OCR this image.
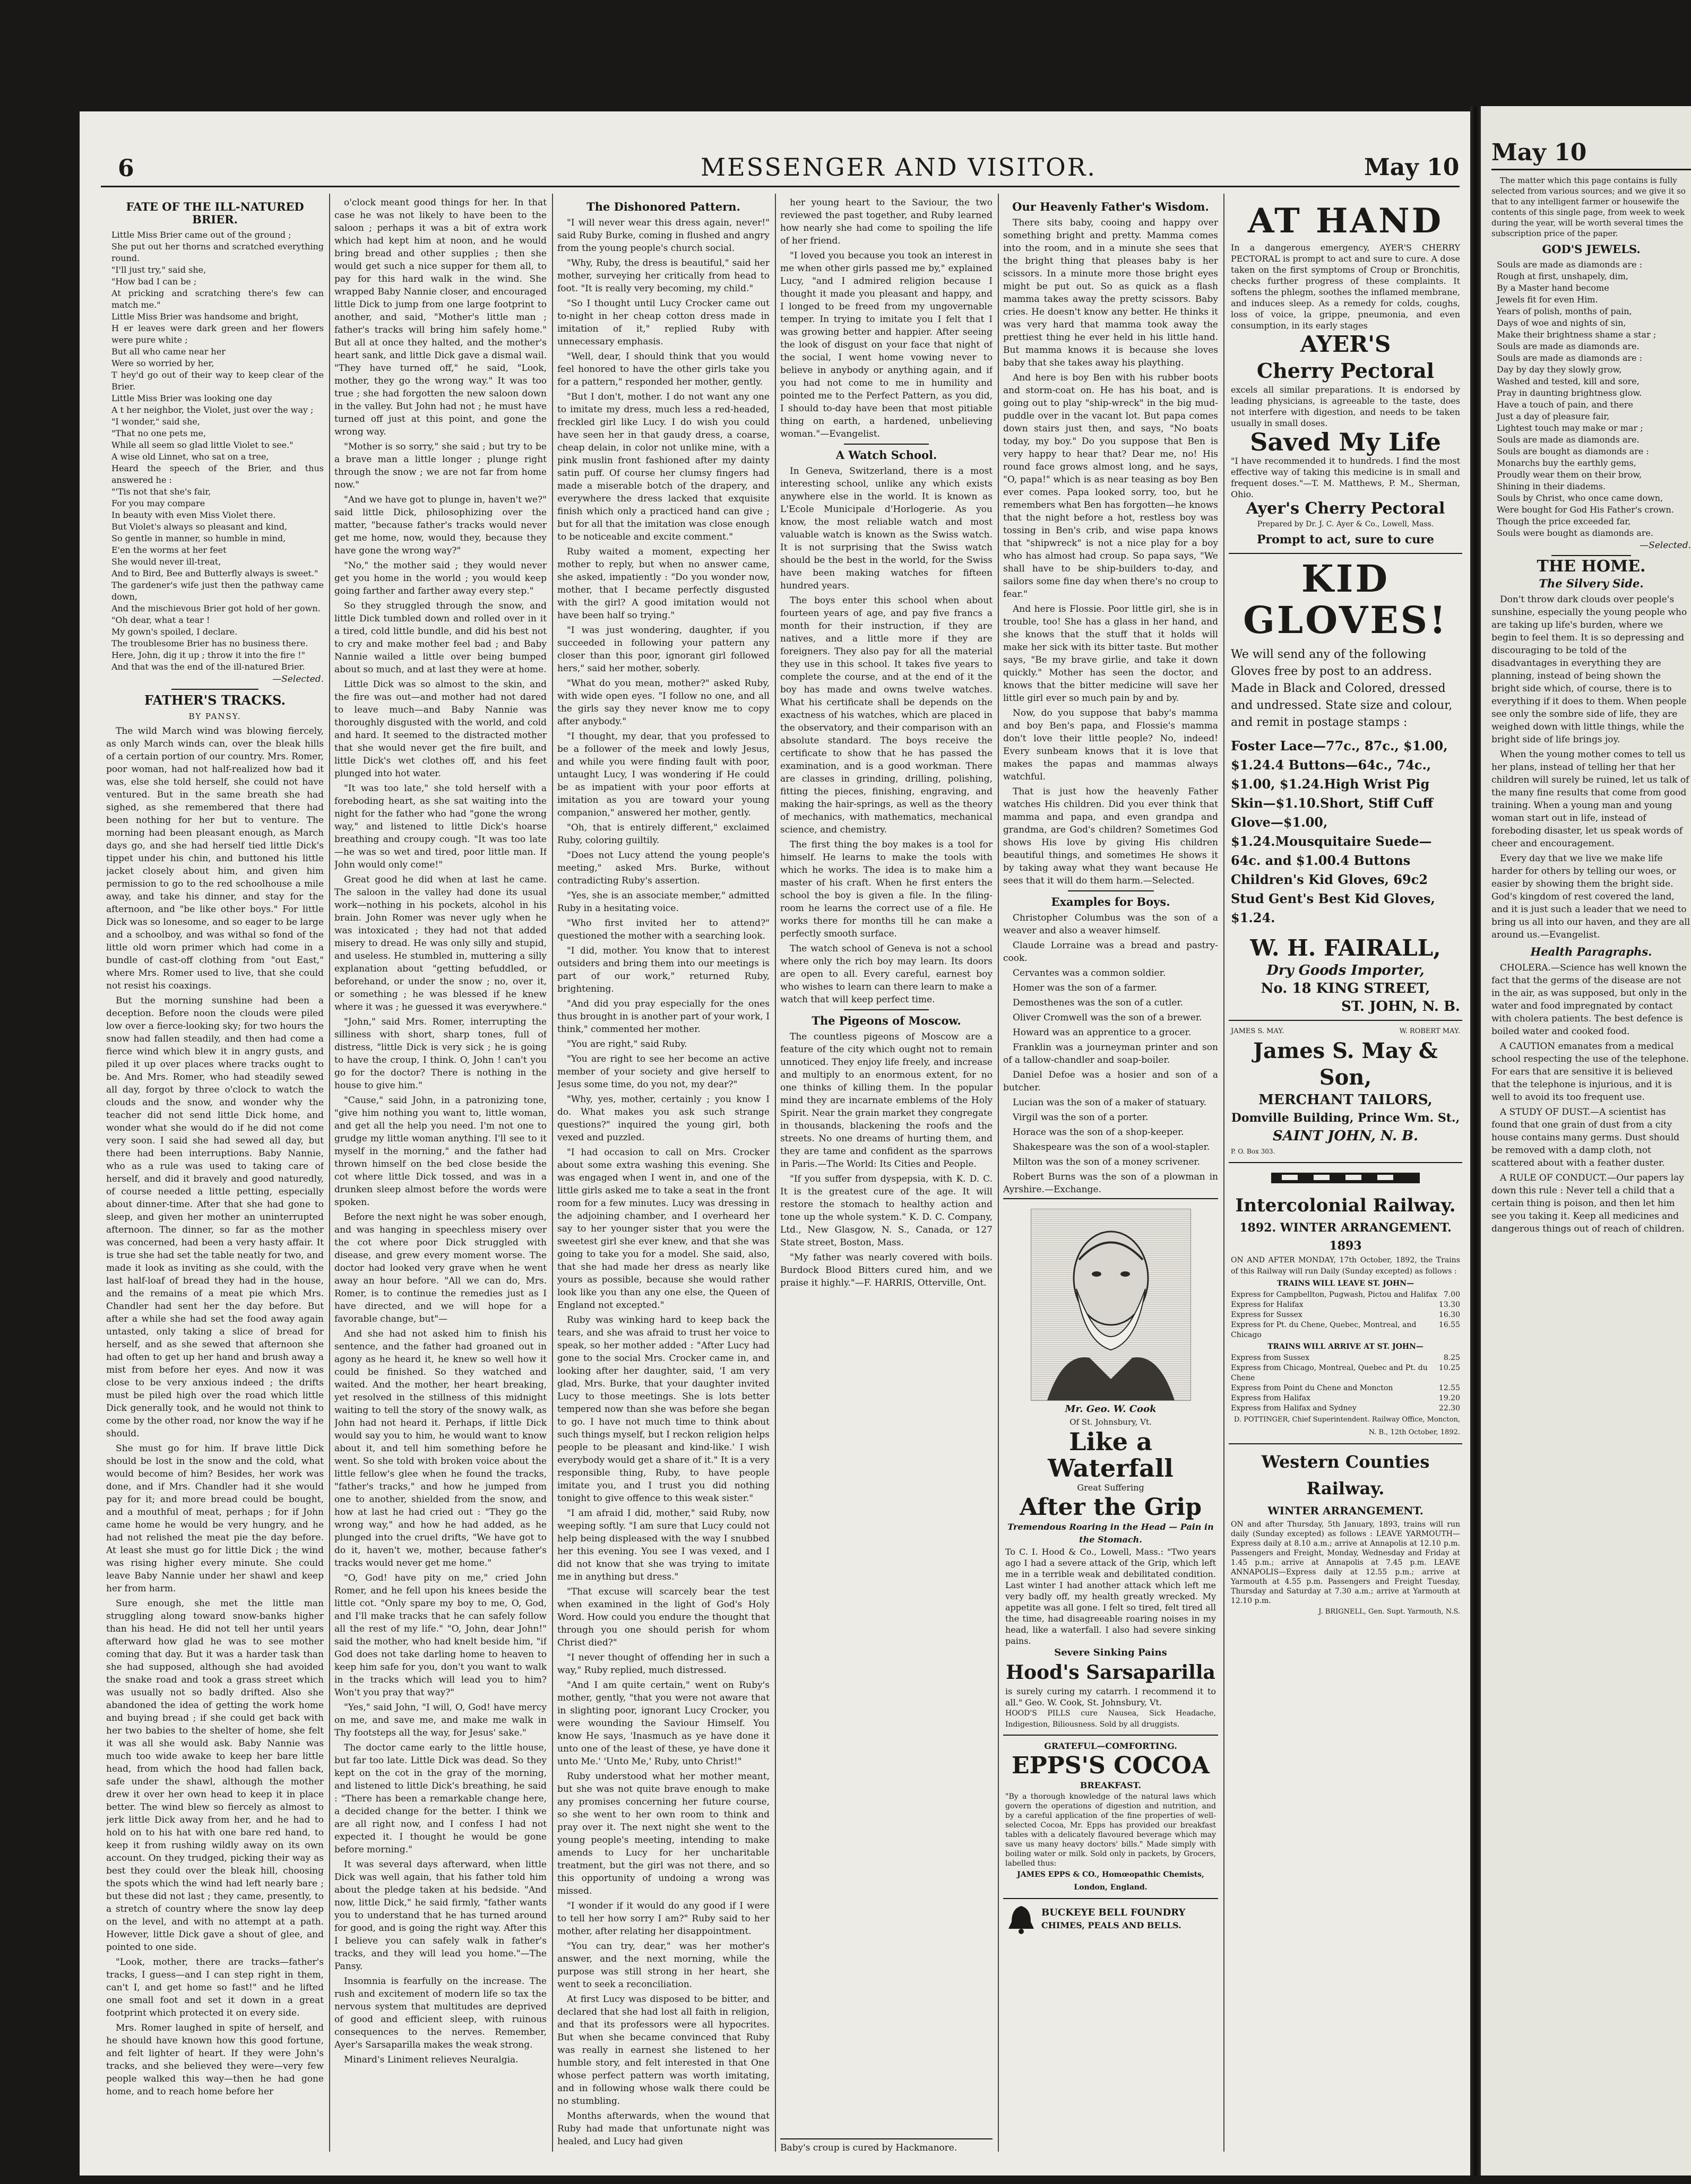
6	MESSENGER AND VISITOR.	May 10
FATE OF THE ILL-NATURED BRIER.
Little Miss Brier came out of the ground ;
She put out her thorns and scratched everything round.
"I'll just try," said she,
"How bad I can be ;
At pricking and scratching there's few can match me."
Little Miss Brier was handsome and bright,
H er leaves were dark green and her flowers were pure white ;
But all who came near her
Were so worried by her,
T hey'd go out of their way to keep clear of the Brier.
Little Miss Brier was looking one day
A t her neighbor, the Violet, just over the way ;
"I wonder," said she,
"That no one pets me,
While all seem so glad little Violet to see."
A wise old Linnet, who sat on a tree,
Heard the speech of the Brier, and thus answered he :
"'Tis not that she's fair,
For you may compare
In beauty with even Miss Violet there.
But Violet's always so pleasant and kind,
So gentle in manner, so humble in mind,
E'en the worms at her feet
She would never ill-treat,
And to Bird, Bee and Butterfly always is sweet."
The gardener's wife just then the pathway came down,
And the mischievous Brier got hold of her gown.
"Oh dear, what a tear !
My gown's spoiled, I declare.
The troublesome Brier has no business there.
Here, John, dig it up ; throw it into the fire !"
And that was the end of the ill-natured Brier.
—Selected.
FATHER'S TRACKS.
BY PANSY.

The wild March wind was blowing fiercely, as only March winds can, over the bleak hills of a certain portion of our country. Mrs. Romer, poor woman, had not half-realized how bad it was, else she told herself, she could not have ventured. But in the same breath she had sighed, as she remembered that there had been nothing for her but to venture. The morning had been pleasant enough, as March days go, and she had herself tied little Dick's tippet under his chin, and buttoned his little jacket closely about him, and given him permission to go to the red schoolhouse a mile away, and take his dinner, and stay for the afternoon, and "be like other boys." For little Dick was so lonesome, and so eager to be large and a schoolboy, and was withal so fond of the little old worn primer which had come in a bundle of cast-off clothing from "out East," where Mrs. Romer used to live, that she could not resist his coaxings.

But the morning sunshine had been a deception. Before noon the clouds were piled low over a fierce-looking sky; for two hours the snow had fallen steadily, and then had come a fierce wind which blew it in angry gusts, and piled it up over places where tracks ought to be. And Mrs. Romer, who had steadily sewed all day, forgot by three o'clock to watch the clouds and the snow, and wonder why the teacher did not send little Dick home, and wonder what she would do if he did not come very soon. I said she had sewed all day, but there had been interruptions. Baby Nannie, who as a rule was used to taking care of herself, and did it bravely and good naturedly, of course needed a little petting, especially about dinner-time. After that she had gone to sleep, and given her mother an uninterrupted afternoon. The dinner, so far as the mother was concerned, had been a very hasty affair. It is true she had set the table neatly for two, and made it look as inviting as she could, with the last half-loaf of bread they had in the house, and the remains of a meat pie which Mrs. Chandler had sent her the day before. But after a while she had set the food away again untasted, only taking a slice of bread for herself, and as she sewed that afternoon she had often to get up her hand and brush away a mist from before her eyes. And now it was close to be very anxious indeed ; the drifts must be piled high over the road which little Dick generally took, and he would not think to come by the other road, nor know the way if he should.

She must go for him. If brave little Dick should be lost in the snow and the cold, what would become of him? Besides, her work was done, and if Mrs. Chandler had it she would pay for it; and more bread could be bought, and a mouthful of meat, perhaps ; for if John came home he would be very hungry, and he had not relished the meat pie the day before. At least she must go for little Dick ; the wind was rising higher every minute. She could leave Baby Nannie under her shawl and keep her from harm.

Sure enough, she met the little man struggling along toward snow-banks higher than his head. He did not tell her until years afterward how glad he was to see mother coming that day. But it was a harder task than she had supposed, although she had avoided the snake road and took a grass street which was usually not so badly drifted. Also she abandoned the idea of getting the work home and buying bread ; if she could get back with her two babies to the shelter of home, she felt it was all she would ask. Baby Nannie was much too wide awake to keep her bare little head, from which the hood had fallen back, safe under the shawl, although the mother drew it over her own head to keep it in place better. The wind blew so fiercely as almost to jerk little Dick away from her, and he had to hold on to his hat with one bare red hand, to keep it from rushing wildly away on its own account. On they trudged, picking their way as best they could over the bleak hill, choosing the spots which the wind had left nearly bare ; but these did not last ; they came, presently, to a stretch of country where the snow lay deep on the level, and with no attempt at a path. However, little Dick gave a shout of glee, and pointed to one side.

"Look, mother, there are tracks—father's tracks, I guess—and I can step right in them, can't I, and get home so fast!" and he lifted one small foot and set it down in a great footprint which protected it on every side.

Mrs. Romer laughed in spite of herself, and he should have known how this good fortune, and felt lighter of heart. If they were John's tracks, and she believed they were—very few people walked this way—then he had gone home, and to reach home before her

o'clock meant good things for her. In that case he was not likely to have been to the saloon ; perhaps it was a bit of extra work which had kept him at noon, and he would bring bread and other supplies ; then she would get such a nice supper for them all, to pay for this hard walk in the wind. She wrapped Baby Nannie closer, and encouraged little Dick to jump from one large footprint to another, and said, "Mother's little man ; father's tracks will bring him safely home." But all at once they halted, and the mother's heart sank, and little Dick gave a dismal wail. "They have turned off," he said, "Look, mother, they go the wrong way." It was too true ; she had forgotten the new saloon down in the valley. But John had not ; he must have turned off just at this point, and gone the wrong way.

"Mother is so sorry," she said ; but try to be a brave man a little longer ; plunge right through the snow ; we are not far from home now."

"And we have got to plunge in, haven't we?" said little Dick, philosophizing over the matter, "because father's tracks would never get me home, now, would they, because they have gone the wrong way?"

"No," the mother said ; they would never get you home in the world ; you would keep going farther and farther away every step."

So they struggled through the snow, and little Dick tumbled down and rolled over in it a tired, cold little bundle, and did his best not to cry and make mother feel bad ; and Baby Nannie wailed a little over being bumped about so much, and at last they were at home.

Little Dick was so almost to the skin, and the fire was out—and mother had not dared to leave much—and Baby Nannie was thoroughly disgusted with the world, and cold and hard. It seemed to the distracted mother that she would never get the fire built, and little Dick's wet clothes off, and his feet plunged into hot water.

"It was too late," she told herself with a foreboding heart, as she sat waiting into the night for the father who had "gone the wrong way," and listened to little Dick's hoarse breathing and croupy cough. "It was too late—he was so wet and tired, poor little man. If John would only come!"

Great good he did when at last he came. The saloon in the valley had done its usual work—nothing in his pockets, alcohol in his brain. John Romer was never ugly when he was intoxicated ; they had not that added misery to dread. He was only silly and stupid, and useless. He stumbled in, muttering a silly explanation about "getting befuddled, or beforehand, or under the snow ; no, over it, or something ; he was blessed if he knew where it was ; he guessed it was everywhere."

"John," said Mrs. Romer, interrupting the silliness with short, sharp tones, full of distress, "little Dick is very sick ; he is going to have the croup, I think. O, John ! can't you go for the doctor? There is nothing in the house to give him."

"Cause," said John, in a patronizing tone, "give him nothing you want to, little woman, and get all the help you need. I'm not one to grudge my little woman anything. I'll see to it myself in the morning," and the father had thrown himself on the bed close beside the cot where little Dick tossed, and was in a drunken sleep almost before the words were spoken.

Before the next night he was sober enough, and was hanging in speechless misery over the cot where poor Dick struggled with disease, and grew every moment worse. The doctor had looked very grave when he went away an hour before. "All we can do, Mrs. Romer, is to continue the remedies just as I have directed, and we will hope for a favorable change, but"—

And she had not asked him to finish his sentence, and the father had groaned out in agony as he heard it, he knew so well how it could be finished. So they watched and waited. And the mother, her heart breaking, yet resolved in the stillness of this midnight waiting to tell the story of the snowy walk, as John had not heard it. Perhaps, if little Dick would say you to him, he would want to know about it, and tell him something before he went. So she told with broken voice about the little fellow's glee when he found the tracks, "father's tracks," and how he jumped from one to another, shielded from the snow, and how at last he had cried out : "They go the wrong way," and how he had added, as he plunged into the cruel drifts, "We have got to do it, haven't we, mother, because father's tracks would never get me home."

"O, God! have pity on me," cried John Romer, and he fell upon his knees beside the little cot. "Only spare my boy to me, O, God, and I'll make tracks that he can safely follow all the rest of my life." "O, John, dear John!" said the mother, who had knelt beside him, "if God does not take darling home to heaven to keep him safe for you, don't you want to walk in the tracks which will lead you to him? Won't you pray that way?"

"Yes," said John, "I will, O, God! have mercy on me, and save me, and make me walk in Thy footsteps all the way, for Jesus' sake."

The doctor came early to the little house, but far too late. Little Dick was dead. So they kept on the cot in the gray of the morning, and listened to little Dick's breathing, he said : "There has been a remarkable change here, a decided change for the better. I think we are all right now, and I confess I had not expected it. I thought he would be gone before morning."

It was several days afterward, when little Dick was well again, that his father told him about the pledge taken at his bedside. "And now, little Dick," he said firmly, "father wants you to understand that he has turned around for good, and is going the right way. After this I believe you can safely walk in father's tracks, and they will lead you home."—The Pansy.

Insomnia is fearfully on the increase. The rush and excitement of modern life so tax the nervous system that multitudes are deprived of good and efficient sleep, with ruinous consequences to the nerves. Remember, Ayer's Sarsaparilla makes the weak strong.

Minard's Liniment relieves Neuralgia.

The Dishonored Pattern.

"I will never wear this dress again, never!" said Ruby Burke, coming in flushed and angry from the young people's church social.

"Why, Ruby, the dress is beautiful," said her mother, surveying her critically from head to foot. "It is really very becoming, my child."

"So I thought until Lucy Crocker came out to-night in her cheap cotton dress made in imitation of it," replied Ruby with unnecessary emphasis.

"Well, dear, I should think that you would feel honored to have the other girls take you for a pattern," responded her mother, gently.

"But I don't, mother. I do not want any one to imitate my dress, much less a red-headed, freckled girl like Lucy. I do wish you could have seen her in that gaudy dress, a coarse, cheap delain, in color not unlike mine, with a pink muslin front fashioned after my dainty satin puff. Of course her clumsy fingers had made a miserable botch of the drapery, and everywhere the dress lacked that exquisite finish which only a practiced hand can give ; but for all that the imitation was close enough to be noticeable and excite comment."

Ruby waited a moment, expecting her mother to reply, but when no answer came, she asked, impatiently : "Do you wonder now, mother, that I became perfectly disgusted with the girl? A good imitation would not have been half so trying."

"I was just wondering, daughter, if you succeeded in following your pattern any closer than this poor, ignorant girl followed hers," said her mother, soberly.

"What do you mean, mother?" asked Ruby, with wide open eyes. "I follow no one, and all the girls say they never know me to copy after anybody."

"I thought, my dear, that you professed to be a follower of the meek and lowly Jesus, and while you were finding fault with poor, untaught Lucy, I was wondering if He could be as impatient with your poor efforts at imitation as you are toward your young companion," answered her mother, gently.

"Oh, that is entirely different," exclaimed Ruby, coloring guiltily.

"Does not Lucy attend the young people's meeting," asked Mrs. Burke, without contradicting Ruby's assertion.

"Yes, she is an associate member," admitted Ruby in a hesitating voice.

"Who first invited her to attend?" questioned the mother with a searching look.

"I did, mother. You know that to interest outsiders and bring them into our meetings is part of our work," returned Ruby, brightening.

"And did you pray especially for the ones thus brought in is another part of your work, I think," commented her mother.

"You are right," said Ruby.

"You are right to see her become an active member of your society and give herself to Jesus some time, do you not, my dear?"

"Why, yes, mother, certainly ; you know I do. What makes you ask such strange questions?" inquired the young girl, both vexed and puzzled.

"I had occasion to call on Mrs. Crocker about some extra washing this evening. She was engaged when I went in, and one of the little girls asked me to take a seat in the front room for a few minutes. Lucy was dressing in the adjoining chamber, and I overheard her say to her younger sister that you were the sweetest girl she ever knew, and that she was going to take you for a model. She said, also, that she had made her dress as nearly like yours as possible, because she would rather look like you than any one else, the Queen of England not excepted."

Ruby was winking hard to keep back the tears, and she was afraid to trust her voice to speak, so her mother added : "After Lucy had gone to the social Mrs. Crocker came in, and looking after her daughter, said, 'I am very glad, Mrs. Burke, that your daughter invited Lucy to those meetings. She is lots better tempered now than she was before she began to go. I have not much time to think about such things myself, but I reckon religion helps people to be pleasant and kind-like.' I wish everybody would get a share of it." It is a very responsible thing, Ruby, to have people imitate you, and I trust you did nothing tonight to give offence to this weak sister."

"I am afraid I did, mother," said Ruby, now weeping softly. "I am sure that Lucy could not help being displeased with the way I snubbed her this evening. You see I was vexed, and I did not know that she was trying to imitate me in anything but dress."

"That excuse will scarcely bear the test when examined in the light of God's Holy Word. How could you endure the thought that through you one should perish for whom Christ died?"

"I never thought of offending her in such a way," Ruby replied, much distressed.

"And I am quite certain," went on Ruby's mother, gently, "that you were not aware that in slighting poor, ignorant Lucy Crocker, you were wounding the Saviour Himself. You know He says, 'Inasmuch as ye have done it unto one of the least of these, ye have done it unto Me.' 'Unto Me,' Ruby, unto Christ!"

Ruby understood what her mother meant, but she was not quite brave enough to make any promises concerning her future course, so she went to her own room to think and pray over it. The next night she went to the young people's meeting, intending to make amends to Lucy for her uncharitable treatment, but the girl was not there, and so this opportunity of undoing a wrong was missed.

"I wonder if it would do any good if I were to tell her how sorry I am?" Ruby said to her mother, after relating her disappointment.

"You can try, dear," was her mother's answer, and the next morning, while the purpose was still strong in her heart, she went to seek a reconciliation.

At first Lucy was disposed to be bitter, and declared that she had lost all faith in religion, and that its professors were all hypocrites. But when she became convinced that Ruby was really in earnest she listened to her humble story, and felt interested in that One whose perfect pattern was worth imitating, and in following whose walk there could be no stumbling.

Months afterwards, when the wound that Ruby had made that unfortunate night was healed, and Lucy had given

her young heart to the Saviour, the two reviewed the past together, and Ruby learned how nearly she had come to spoiling the life of her friend.

"I loved you because you took an interest in me when other girls passed me by," explained Lucy, "and I admired religion because I thought it made you pleasant and happy, and I longed to be freed from my ungovernable temper. In trying to imitate you I felt that I was growing better and happier. After seeing the look of disgust on your face that night of the social, I went home vowing never to believe in anybody or anything again, and if you had not come to me in humility and pointed me to the Perfect Pattern, as you did, I should to-day have been that most pitiable thing on earth, a hardened, unbelieving woman."—Evangelist.

A Watch School.

In Geneva, Switzerland, there is a most interesting school, unlike any which exists anywhere else in the world. It is known as L'Ecole Municipale d'Horlogerie. As you know, the most reliable watch and most valuable watch is known as the Swiss watch. It is not surprising that the Swiss watch should be the best in the world, for the Swiss have been making watches for fifteen hundred years.

The boys enter this school when about fourteen years of age, and pay five francs a month for their instruction, if they are natives, and a little more if they are foreigners. They also pay for all the material they use in this school. It takes five years to complete the course, and at the end of it the boy has made and owns twelve watches. What his certificate shall be depends on the exactness of his watches, which are placed in the observatory, and their comparison with an absolute standard. The boys receive the certificate to show that he has passed the examination, and is a good workman. There are classes in grinding, drilling, polishing, fitting the pieces, finishing, engraving, and making the hair-springs, as well as the theory of mechanics, with mathematics, mechanical science, and chemistry.

The first thing the boy makes is a tool for himself. He learns to make the tools with which he works. The idea is to make him a master of his craft. When he first enters the school the boy is given a file. In the filing-room he learns the correct use of a file. He works there for months till he can make a perfectly smooth surface.

The watch school of Geneva is not a school where only the rich boy may learn. Its doors are open to all. Every careful, earnest boy who wishes to learn can there learn to make a watch that will keep perfect time.

The Pigeons of Moscow.

The countless pigeons of Moscow are a feature of the city which ought not to remain unnoticed. They enjoy life freely, and increase and multiply to an enormous extent, for no one thinks of killing them. In the popular mind they are incarnate emblems of the Holy Spirit. Near the grain market they congregate in thousands, blackening the roofs and the streets. No one dreams of hurting them, and they are tame and confident as the sparrows in Paris.—The World: Its Cities and People.

"If you suffer from dyspepsia, with K. D. C. It is the greatest cure of the age. It will restore the stomach to healthy action and tone up the whole system." K. D. C. Company, Ltd., New Glasgow, N. S., Canada, or 127 State street, Boston, Mass.

"My father was nearly covered with boils. Burdock Blood Bitters cured him, and we praise it highly."—F. HARRIS, Otterville, Ont.

Baby's croup is cured by Hackmanore.
Our Heavenly Father's Wisdom.

There sits baby, cooing and happy over something bright and pretty. Mamma comes into the room, and in a minute she sees that the bright thing that pleases baby is her scissors. In a minute more those bright eyes might be put out. So as quick as a flash mamma takes away the pretty scissors. Baby cries. He doesn't know any better. He thinks it was very hard that mamma took away the prettiest thing he ever held in his little hand. But mamma knows it is because she loves baby that she takes away his plaything.

And here is boy Ben with his rubber boots and storm-coat on. He has his boat, and is going out to play "ship-wreck" in the big mud-puddle over in the vacant lot. But papa comes down stairs just then, and says, "No boats today, my boy." Do you suppose that Ben is very happy to hear that? Dear me, no! His round face grows almost long, and he says, "O, papa!" which is as near teasing as boy Ben ever comes. Papa looked sorry, too, but he remembers what Ben has forgotten—he knows that the night before a hot, restless boy was tossing in Ben's crib, and wise papa knows that "shipwreck" is not a nice play for a boy who has almost had croup. So papa says, "We shall have to be ship-builders to-day, and sailors some fine day when there's no croup to fear."

And here is Flossie. Poor little girl, she is in trouble, too! She has a glass in her hand, and she knows that the stuff that it holds will make her sick with its bitter taste. But mother says, "Be my brave girlie, and take it down quickly." Mother has seen the doctor, and knows that the bitter medicine will save her little girl ever so much pain by and by.

Now, do you suppose that baby's mamma and boy Ben's papa, and Flossie's mamma don't love their little people? No, indeed! Every sunbeam knows that it is love that makes the papas and mammas always watchful.

That is just how the heavenly Father watches His children. Did you ever think that mamma and papa, and even grandpa and grandma, are God's children? Sometimes God shows His love by giving His children beautiful things, and sometimes He shows it by taking away what they want because He sees that it will do them harm.—Selected.

Examples for Boys.

Christopher Columbus was the son of a weaver and also a weaver himself.

Claude Lorraine was a bread and pastry-cook.

Cervantes was a common soldier.

Homer was the son of a farmer.

Demosthenes was the son of a cutler.

Oliver Cromwell was the son of a brewer.

Howard was an apprentice to a grocer.

Franklin was a journeyman printer and son of a tallow-chandler and soap-boiler.

Daniel Defoe was a hosier and son of a butcher.

Lucian was the son of a maker of statuary.

Virgil was the son of a porter.

Horace was the son of a shop-keeper.

Shakespeare was the son of a wool-stapler.

Milton was the son of a money scrivener.

Robert Burns was the son of a plowman in Ayrshire.—Exchange.

Mr. Geo. W. Cook
Of St. Johnsbury, Vt.
Like a Waterfall
Great Suffering
After the Grip
Tremendous Roaring in the Head — Pain in the Stomach.
To C. I. Hood & Co., Lowell, Mass.: "Two years ago I had a severe attack of the Grip, which left me in a terrible weak and debilitated condition. Last winter I had another attack which left me very badly off, my health greatly wrecked. My appetite was all gone. I felt so tired, felt tired all the time, had disagreeable roaring noises in my head, like a waterfall. I also had severe sinking pains.
Severe Sinking Pains
Hood's Sarsaparilla
is surely curing my catarrh. I recommend it to all." Geo. W. Cook, St. Johnsbury, Vt.
HOOD'S PILLS cure Nausea, Sick Headache, Indigestion, Biliousness. Sold by all druggists.
GRATEFUL—COMFORTING.
EPPS'S COCOA
BREAKFAST.
"By a thorough knowledge of the natural laws which govern the operations of digestion and nutrition, and by a careful application of the fine properties of well-selected Cocoa, Mr. Epps has provided our breakfast tables with a delicately flavoured beverage which may save us many heavy doctors' bills." Made simply with boiling water or milk. Sold only in packets, by Grocers, labelled thus:
JAMES EPPS & CO., Homœopathic Chemists, London, England.
BUCKEYE BELL FOUNDRY
CHIMES, PEALS AND BELLS.
AT HAND
In a dangerous emergency, AYER'S CHERRY PECTORAL is prompt to act and sure to cure. A dose taken on the first symptoms of Croup or Bronchitis, checks further progress of these complaints. It softens the phlegm, soothes the inflamed membrane, and induces sleep. As a remedy for colds, coughs, loss of voice, la grippe, pneumonia, and even consumption, in its early stages
AYER'S
Cherry Pectoral
excels all similar preparations. It is endorsed by leading physicians, is agreeable to the taste, does not interfere with digestion, and needs to be taken usually in small doses.
Saved My Life
"I have recommended it to hundreds. I find the most effective way of taking this medicine is in small and frequent doses."—T. M. Matthews, P. M., Sherman, Ohio.
Ayer's Cherry Pectoral
Prepared by Dr. J. C. Ayer & Co., Lowell, Mass.
Prompt to act, sure to cure
KID
GLOVES!
We will send any of the following Gloves free by post to an address. Made in Black and Colored, dressed and undressed. State size and colour, and remit in postage stamps :
Foster Lace—77c., 87c., $1.00, $1.24.4 Buttons—64c., 74c., $1.00, $1.24.High Wrist Pig Skin—$1.10.Short, Stiff Cuff Glove—$1.00, $1.24.Mousquitaire Suede—64c. and $1.00.4 Buttons Children's Kid Gloves, 69c2 Stud Gent's Best Kid Gloves, $1.24.
W. H. FAIRALL,
Dry Goods Importer,
No. 18 KING STREET,
ST. JOHN, N. B.
JAMES S. MAY.	W. ROBERT MAY.
James S. May & Son,
MERCHANT TAILORS,
Domville Building, Prince Wm. St.,
SAINT JOHN, N. B.
P. O. Box 303.
Intercolonial Railway.
1892. WINTER ARRANGEMENT. 1893
ON AND AFTER MONDAY, 17th October, 1892, the Trains of this Railway will run Daily (Sunday excepted) as follows :
TRAINS WILL LEAVE ST. JOHN—
Express for Campbellton, Pugwash, Pictou and Halifax 7.00
Express for Halifax	13.30
Express for Sussex	16.30
Express for Pt. du Chene, Quebec, Montreal, and Chicago
16.55
TRAINS WILL ARRIVE AT ST. JOHN—
Express from Sussex	8.25
Express from Chicago, Montreal, Quebec and Pt. du Chene
10.25
Express from Point du Chene and Moncton	12.55
Express from Halifax	19.20
Express from Halifax and Sydney	22.30
D. POTTINGER, Chief Superintendent. Railway Office, Moncton, N. B., 12th October, 1892.
Western Counties Railway.
WINTER ARRANGEMENT.
ON and after Thursday, 5th January, 1893, trains will run daily (Sunday excepted) as follows : LEAVE YARMOUTH—Express daily at 8.10 a.m.; arrive at Annapolis at 12.10 p.m. Passengers and Freight, Monday, Wednesday and Friday at 1.45 p.m.; arrive at Annapolis at 7.45 p.m. LEAVE ANNAPOLIS—Express daily at 12.55 p.m.; arrive at Yarmouth at 4.55 p.m. Passengers and Freight Tuesday, Thursday and Saturday at 7.30 a.m.; arrive at Yarmouth at 12.10 p.m.
J. BRIGNELL, Gen. Supt. Yarmouth, N.S.
May 10

The matter which this page contains is fully selected from various sources; and we give it so that to any intelligent farmer or housewife the contents of this single page, from week to week during the year, will be worth several times the subscription price of the paper.

GOD'S JEWELS.
Souls are made as diamonds are :
Rough at first, unshapely, dim,
By a Master hand become
Jewels fit for even Him.
Years of polish, months of pain,
Days of woe and nights of sin,
Make their brightness shame a star ;
Souls are made as diamonds are.
Souls are made as diamonds are :
Day by day they slowly grow,
Washed and tested, kill and sore,
Pray in daunting brightness glow.
Have a touch of pain, and there
Just a day of pleasure fair,
Lightest touch may make or mar ;
Souls are made as diamonds are.
Souls are bought as diamonds are :
Monarchs buy the earthly gems,
Proudly wear them on their brow,
Shining in their diadems.
Souls by Christ, who once came down,
Were bought for God His Father's crown.
Though the price exceeded far,
Souls were bought as diamonds are.
—Selected.
THE HOME.
The Silvery Side.

Don't throw dark clouds over people's sunshine, especially the young people who are taking up life's burden, where we begin to feel them. It is so depressing and discouraging to be told of the disadvantages in everything they are planning, instead of being shown the bright side which, of course, there is to everything if it does to them. When people see only the sombre side of life, they are weighed down with little things, while the bright side of life brings joy.

When the young mother comes to tell us her plans, instead of telling her that her children will surely be ruined, let us talk of the many fine results that come from good training. When a young man and young woman start out in life, instead of foreboding disaster, let us speak words of cheer and encouragement.

Every day that we live we make life harder for others by telling our woes, or easier by showing them the bright side. God's kingdom of rest covered the land, and it is just such a leader that we need to bring us all into our haven, and they are all around us.—Evangelist.

Health Paragraphs.

CHOLERA.—Science has well known the fact that the germs of the disease are not in the air, as was supposed, but only in the water and food impregnated by contact with cholera patients. The best defence is boiled water and cooked food.

A CAUTION emanates from a medical school respecting the use of the telephone. For ears that are sensitive it is believed that the telephone is injurious, and it is well to avoid its too frequent use.

A STUDY OF DUST.—A scientist has found that one grain of dust from a city house contains many germs. Dust should be removed with a damp cloth, not scattered about with a feather duster.

A RULE OF CONDUCT.—Our papers lay down this rule : Never tell a child that a certain thing is poison, and then let him see you taking it. Keep all medicines and dangerous things out of reach of children.
